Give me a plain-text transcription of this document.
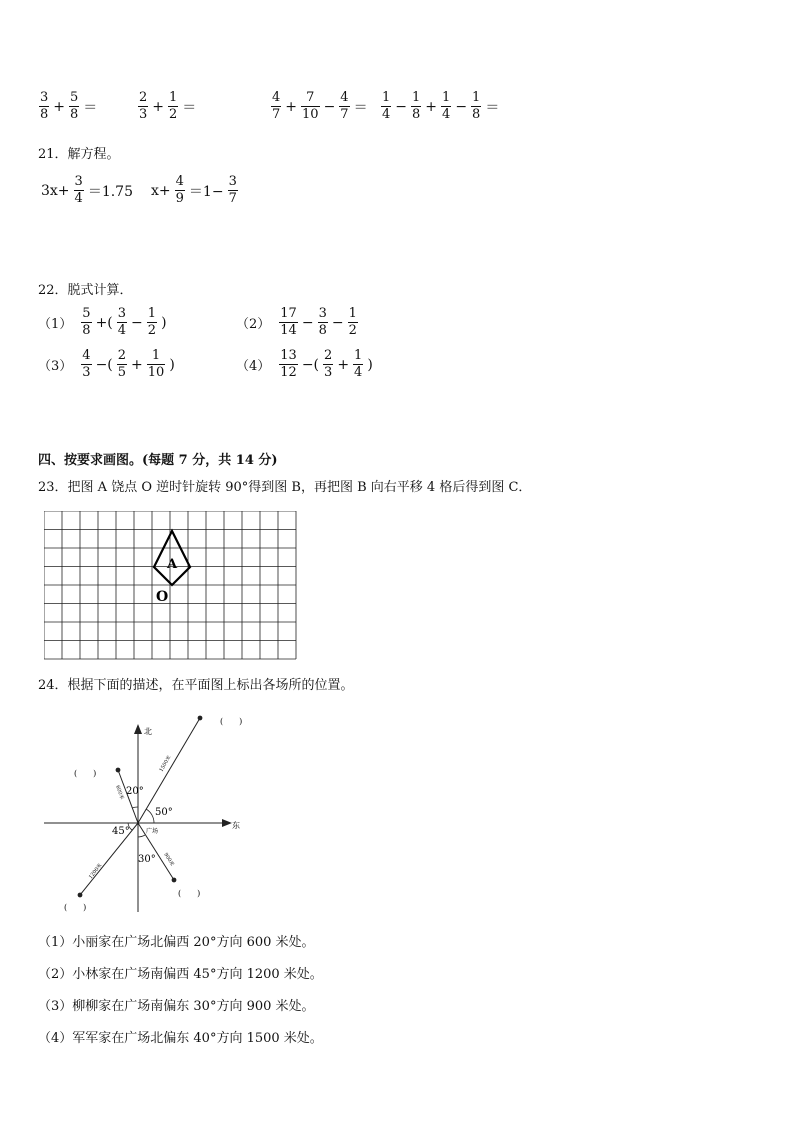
$\frac{3}{8} + \frac{5}{8}$ ＝	$\frac{2}{3} + \frac{1}{2}$ ＝	$\frac{4}{7} + \frac{7}{10} - \frac{4}{7} = \frac{1}{4} - \frac{1}{8} + \frac{1}{4} - \frac{1}{8}$ ＝
21．解方程。
$3x+ \frac{3}{4} =1.75$ $x+ \frac{4}{9} =1- \frac{3}{7}$
22．脱式计算．
$(1) \frac{5}{8}$ +( $\frac{3}{4} - \frac{1}{2}$ )	$(2) \frac{17}{14} - \frac{3}{8} - \frac{1}{2}$
$(3) \frac{4}{3}$ −( $\frac{2}{5} + \frac{1}{10}$ )	$(4) \frac{13}{12}$ −( $\frac{2}{3} + \frac{1}{4}$ )
四、按要求画图。(每题 7 分，共 14 分)
23．把图 A 饶点 O 逆时针旋转 90°得到图 B，再把图 B 向右平移 4 格后得到图 C．
A
O
24．根据下面的描述，在平面图上标出各场所的位置。
北
东
广场
20°
50°
45°
30°
1500米
600米
1200米
900米
(　　)
(　　)
(　　)
(　　)
（1）小丽家在广场北偏西 20°方向 600 米处。
（2）小林家在广场南偏西 45°方向 1200 米处。
（3）柳柳家在广场南偏东 30°方向 900 米处。
（4）军军家在广场北偏东 40°方向 1500 米处。
